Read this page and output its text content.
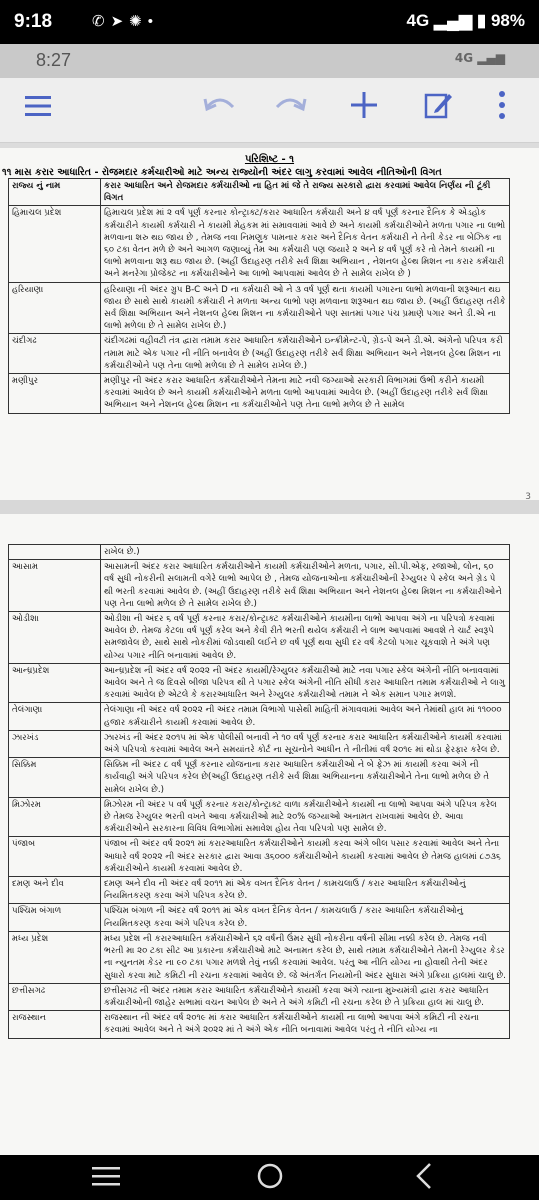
9:18	✆➤✺•	4G ▂▄▆ ▮ 98%
8:27	4G ▂▄▆
પરિશિષ્ટ - ૧
૧૧ માસ કરાર આધારિત - રોજમદાર કર્મચારીઓ માટે અન્ય રાજ્યોની અંદર લાગુ કરવામાં આવેલ નીતિઓની વિગત
રાજ્ય નું નામ	કરાર આધારિત અને રોજમદાર કર્મચારીઓ ના હિત માં જે તે રાજ્ય સરકારો દ્વારા કરવામાં આવેલ નિર્ણય ની ટૂંકી વિગત
હિમાચલ પ્રદેશ	હિમાચલ પ્રદેશ માં ૨ વર્ષ પૂર્ણ કરનાર કોન્ટ્રાક્ટ/કરાર આધારિત કર્મચારી અને ૪ વર્ષ પૂર્ણ કરનાર દૈનિક કે એડહોક કર્મચારીને કાયમી કર્મચારી ને કાયમી મેહકમ માં સમાવવામાં આવે છે અને કાયમી કર્મચારીઓને મળતા પગાર ના લાભો મળવાના શરુ થઇ જાય છે , તેમજ નવા નિમણુક પામનાર કરાર અને દૈનિક વેતન કર્મચારી ને તેની કેડર ના બેઝિક ના ૬૦ ટકા વેતન મળે છે અને આગળ જણાવ્યું તેમ આ કર્મચારી પણ જયારે ૨ અને ૪ વર્ષ પૂર્ણ કરે તો તેમને કાયમી ના લાભો મળવાના શરૂ થઇ જાય છે. (અહીં ઉદાહરણ તરીકે સર્વ શિક્ષા અભિયાન , નેશનલ હેલ્થ મિશન ના કરાર કર્મચારી અને મનરેગા પ્રોજેક્ટ ના કર્મચારીઓને આ લાભો આપવામાં આવેલ છે તે સામેલ રાખેલ છે )
હરિયાણા	હરિયાણા ની અંદર ગ્રુપ B-C અને D ના કર્મચારી ઓ ને ૩ વર્ષ પૂર્ણ થતા કાયમી પગારના લાભો મળવાની શરૂઆત થઇ જાય છે સાથે સાથે કાયમી કર્મચારી ને મળતા અન્ય લાભો પણ મળવાના શરૂઆત થઇ જાય છે. (અહીં ઉદાહરણ તરીકે સર્વ શિક્ષા અભિયાન અને નેશનલ હેલ્થ મિશન ના કર્મચારીઓને પણ સાતમાં પગાર પંચ પ્રમાણે પગાર અને ડી.એ ના લાભો મળેલા છે તે સામેલ રાખેલ છે.)
ચંદીગઢ	ચંદીગઢમાં વહીવટી તંત્ર દ્વારા તમામ કરાર આધારિત કર્મચારીઓને ઇન્ક્રીમેન્ટ-પે, ગ્રેડ-પે અને ડી.એ. અંગેનો પરિપત્ર કરી તમામ માટે એક પગાર ની નીતિ બનાવેલ છે (અહીં ઉદાહરણ તરીકે સર્વ શિક્ષા અભિયાન અને નેશનલ હેલ્થ મિશન ના કર્મચારીઓને પણ તેના લાભો મળેલા છે તે સામેલ રાખેલ છે.)
મણીપુર	મણીપુર ની અંદર કરાર આધારિત કર્મચારીઓને તેમના માટે નવી જગ્યાઓ સરકારી વિભાગમાં ઉભી કરીને કાયમી કરવામાં આવેલ છે અને કાયમી કર્મચારીઓને મળતા લાભો આપવામાં આવેલ છે. (અહીં ઉદાહરણ તરીકે સર્વ શિક્ષા અભિયાન અને નેશનલ હેલ્થ મિશન ના કર્મચારીઓને પણ તેના લાભો મળેલ છે તે સામેલ
3
	રાખેલ છે.)
આસામ	આસામની અંદર કરાર આધારિત કર્મચારીઓને કાયમી કર્મચારીઓને મળતા, પગાર, સી.પી.એફ, રજાઓ, લોન, ૬૦ વર્ષ સુધી નોકરીની સલામતી વગેરે લાભો આપેલ છે , તેમજ યોજનાઓના કર્મચારીઓની રેગ્યુલર પે સ્કેલ અને ગ્રેડ પે થી ભરતી કરવામાં આવેલ છે. (અહીં ઉદાહરણ તરીકે સર્વ શિક્ષા અભિયાન અને નેશનલ હેલ્થ મિશન ના કર્મચારીઓને પણ તેના લાભો મળેલ છે તે સામેલ રાખેલ છે.)
ઓડીશા	ઓડીશા ની અંદર ૬ વર્ષ પૂર્ણ કરનાર કરાર/કોન્ટ્રાક્ટ કર્મચારીઓને કાયમીના લાભો આપવા અંગે ના પરિપત્રો કરવામાં આવેલ છે. તેમજ કેટલા વર્ષ પૂર્ણ કરેલ અને કેવી રીતે ભરતી થયેલ કર્મચારી ને લાભ આપવામાં આવશે તે ચાર્ટ સ્વરૂપે સમજાવેલ છે, સાથે સાથે નોકરીમાં જોડવાથી લઈને છ વર્ષ પૂર્ણ થવા સુધી દર વર્ષ કેટલો પગાર ચૂકવાશે તે અંગે પણ યોગ્ય પગાર નીતિ બનાવામાં આવેલ છે.
આન્ધ્રપ્રદેશ	આન્ધ્રપ્રદેશ ની અંદર વર્ષ ૨૦૨૨ ની અંદર કાયમી/રેગ્યુલર કર્મચારીઓ માટે નવા પગાર સ્કેલ અંગેની નીતિ બનાવવામાં આવેલ અને તે જ દિવસે બીજા પરિપત્ર થી તે પગાર સ્કેલ અંગેની નીતિ સીધી કરાર આધારિત તમામ કર્મચારીઓ ને લાગુ કરવામાં આવેલ છે એટલે કે કરારઆધારિત અને રેગ્યુલર કર્મચારીઓ તમામ ને એક સમાન પગાર મળશે.
તેલંગાણા	તેલંગાણા ની અંદર વર્ષ ૨૦૨૨ ની અંદર તમામ વિભાગો પાસેથી માહિતી મંગાવવામાં આવેલ અને તેમાંથી હાલ માં ૧૧૦૦૦ હજાર કર્મચારીને કાયમી કરવામાં આવેલ છે.
ઝારખંડ	ઝારખંડ ની અંદર ૨૦૧૫ માં એક પોલીસી બનાવી ને ૧૦ વર્ષ પૂર્ણ કરનાર કરાર આધારિત કર્મચારીઓને કાયમી કરવામાં અંગે પરિપત્રો કરવામાં આવેલ અને સમયાંતરે કોર્ટ ના સૂચનોને આધીન તે નીતીમાં વર્ષ ૨૦૧૯ માં થોડા ફેરફાર કરેલ છે.
સિક્કિમ	સિક્કિમ ની અંદર ૮ વર્ષ પૂર્ણ કરનાર યોજનાના કરાર આધારિત કર્મચારીઓ ને બે ફેઝ માં કાયમી કરવા અંગે ની કાર્યવાહી અંગે પરિપત્ર કરેલ છે(અહીં ઉદાહરણ તરીકે સર્વ શિક્ષા અભિયાનના કર્મચારીઓને તેના લાભો મળેલ છે તે સામેલ રાખેલ છે.)
મિઝોરમ	મિઝોરમ ની અંદર ૫ વર્ષ પૂર્ણ કરનાર કરાર/કોન્ટ્રાક્ટ વાળા કર્મચારીઓને કાયમી ના લાભો આપવા અંગે પરિપત્ર કરેલ છે તેમજ રેગ્યુલર ભરતી વખતે આવા કર્મચારીઓ માટે ૨૦% જગ્યાઓ અનામત રાખવામાં આવેલ છે. આવા કર્મચારીઓને સરકારના વિવિધ વિભાગોમાં સમાવેશ હોય તેવા પરિપત્રો પણ સામેલ છે.
પંજાબ	પંજાબ ની અંદર વર્ષ ૨૦૨૧ માં કરારઆધારિત કર્મચારીઓને કાયમી કરવા અંગે બીલ પસાર કરવામાં આવેલ અને તેના આધારે વર્ષ ૨૦૨૨ ની અંદર સરકાર દ્વારા આવા ૩૬૦૦૦ કર્મચારીઓને કાયમી કરવામાં આવેલ છે તેમજ હાલમાં ૮૭૩૬ કર્મચારીઓને કાયમી કરવામાં આવેલ છે.
દમણ અને દીવ	દમણ અને દીવ ની અંદર વર્ષ ૨૦૧૧ માં એક વખત દૈનિક વેતન / કામચલાઉ / કરાર આધારિત કર્મચારીઓનું નિયમિતકરણ કરવા અંગે પરિપત્ર કરેલ છે.
પશ્ચિમ બંગાળ	પશ્ચિમ બંગાળ ની અંદર વર્ષ ૨૦૧૧ માં એક વખત દૈનિક વેતન / કામચલાઉ / કરાર આધારિત કર્મચારીઓનું નિયમિતકરણ કરવા અંગે પરિપત્ર કરેલ છે.
મધ્ય પ્રદેશ	મધ્ય પ્રદેશ ની કરારઆધારિત કર્મચારીઓને ૬૨ વર્ષની ઉંમર સુધી નોકરીના વર્ષની સીમા નક્કી કરેલ છે. તેમજ નવી ભરતી મા ૨૦ ટકા સીટ આ પ્રકારના કર્મચારીઓ માટે અનામત કરેલ છે, સાથે તમામ કર્મચારીઓને તેમની રેગ્યુલર કેડર ના ન્યુનતમ કેડર ના ૯૦ ટકા પગાર મળશે તેવું નક્કી કરવામાં આવેલ. પરંતુ આ નીતિ યોગ્ય ના હોવાથી તેની અંદર સુધારો કરવા માટે કમિટી ની રચના કરવામાં આવેલ છે. જે અંતર્ગત નિયમોની અંદર સુધારા અંગે પ્રક્રિયા હાલમાં ચાલુ છે.
છત્તીસગઢ	છત્તીસગઢ ની અંદર તમામ કરાર આધારિત કર્મચારીઓને કાયમી કરવા અંગે ત્યાના મુખ્યમંત્રી દ્વારા કરાર આધારિત કર્મચારીઓની જાહેર સભામાં વચન આપેલ છે અને તે અંગે કમિટી ની રચના કરેલ છે તે પ્રક્રિયા હાલ માં ચાલુ છે.
રાજસ્થાન	રાજસ્થાન ની અંદર વર્ષ ૨૦૧૯ માં કરાર આધારિત કર્મચારીઓને કાયમી ના લાભો આપવા અંગે કમિટી ની રચના કરવામાં આવેલ અને તે અંગે ૨૦૨૨ માં તે અંગે એક નીતિ બનાવામાં આવેલ પરંતુ તે નીતિ યોગ્ય ના
